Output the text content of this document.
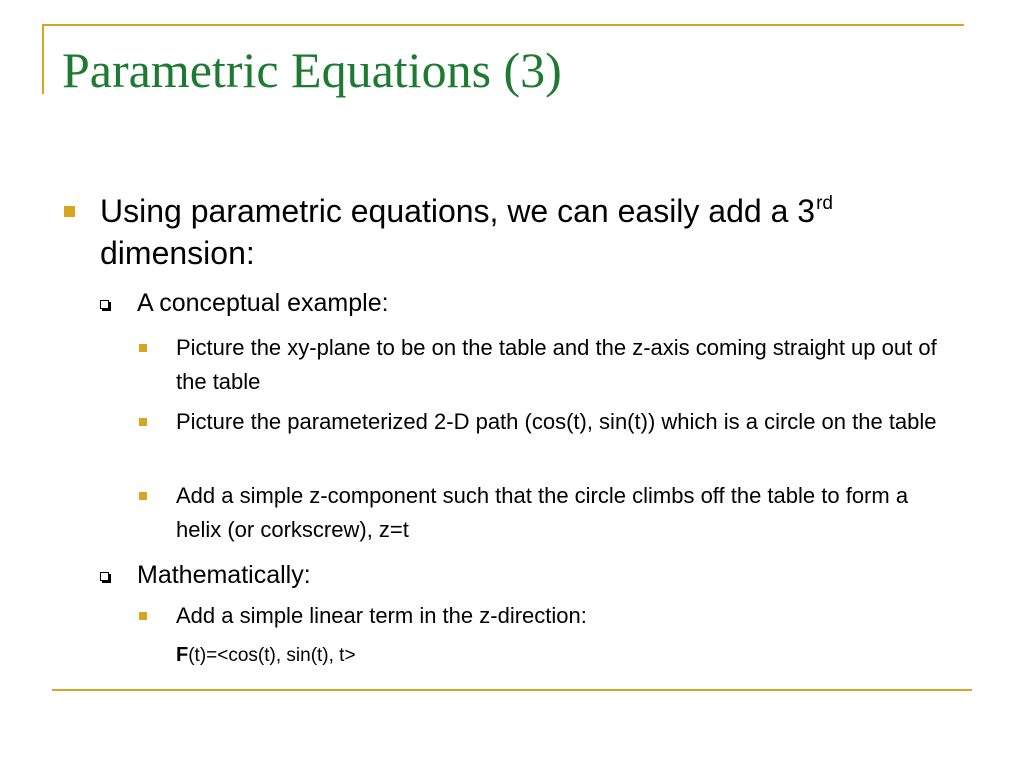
Parametric Equations (3)
Using parametric equations, we can easily add a 3rd dimension:
A conceptual example:
Picture the xy-plane to be on the table and the z-axis coming straight up out of the table
Picture the parameterized 2-D path (cos(t), sin(t)) which is a circle on the table
Add a simple z-component such that the circle climbs off the table to form a helix (or corkscrew), z=t
Mathematically:
Add a simple linear term in the z-direction:
F(t)=<cos(t), sin(t), t>
